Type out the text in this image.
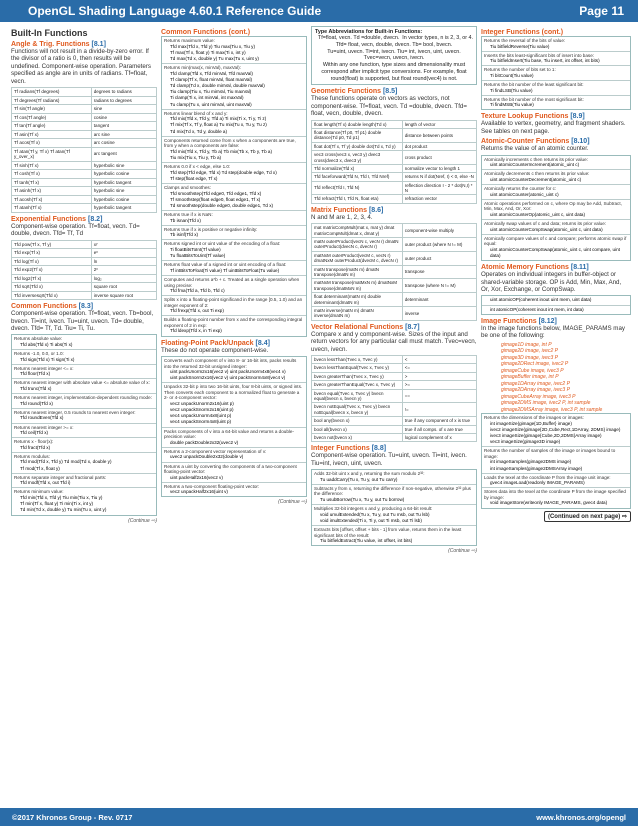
OpenGL Shading Language 4.60.1 Reference Guide	Page 11
Built-In Functions
Angle & Trig. Functions [8.1]
Functions will not result in a divide-by-zero error. If the divisor of a ratio is 0, then results will be undefined. Component-wise operation. Parameters specified as angle are in units of radians. Tf=float, vecn.
Tf radians(Tf degrees)	degrees to radians
Tf degrees(Tf radians)	radians to degrees
Tf sin(Tf angle)	sine
Tf cos(Tf angle)	cosine
Tf tan(Tf angle)	tangent
Tf asin(Tf x)	arc sine
Tf acos(Tf x)	arc cosine
Tf atan(Tf y, Tf x) Tf atan(Tf y_over_x)	arc tangent
Tf sinh(Tf x)	hyperbolic sine
Tf cosh(Tf x)	hyperbolic cosine
Tf tanh(Tf x)	hyperbolic tangent
Tf asinh(Tf x)	hyperbolic sine
Tf acosh(Tf x)	hyperbolic cosine
Tf atanh(Tf x)	hyperbolic tangent
Exponential Functions [8.2]
Component-wise operation. Tf=float, vecn. Td= double, dvecn. Tfd= Tf, Td
Tfd pow(Tf x, Tf y)	xʸ
Tfd exp(Tf x)	eˣ
Tfd log(Tf x)	ln
Tfd exp2(Tf x)	2ˣ
Tfd log2(Tf x)	log₂
Tfd sqrt(Tfd x)	square root
Tfd inversesqrt(Tfd x)	inverse square root
Common Functions [8.3]
Component-wise operation. Tf=float, vecn. Tb=bool, bvecn. Ti=int, ivecn. Tu=uint, uvecn. Td= double, dvecn. Tfd= Tf, Td. Tiu= Ti, Tu.
Returns absolute value:
Tfd abs(Tfd x) Ti abs(Ti x)
Returns -1.0, 0.0, or 1.0:
Tfd sign(Tfd x) Ti sign(Ti x)
Returns nearest integer <= x:
Tfd floor(Tfd x)
Returns nearest integer with absolute value <= absolute value of x:
Tfd trunc(Tfd x)
Returns nearest integer, implementation-dependent rounding mode:
Tfd round(Tfd x)
Returns nearest integer, 0.5 rounds to nearest even integer:
Tfd roundEven(Tfd x)
Returns nearest integer >= x:
Tfd ceil(Tfd x)
Returns x - floor(x):
Tfd fract(Tfd x)
Returns modulus:
Tfd mod(Tfd x, Tfd y) Td mod(Td x, double y)
Tf mod(Tf x, float y)
Returns separate integer and fractional parts:
Tfd modf(Tfd x, out Tfd i)
Returns minimum value:
Tfd min(Tfd x, Tfd y) Tiu min(Tiu x, Tiu y)
Tf min(Tf x, float y) Ti min(Ti x, int y)
Td min(Td x, double y) Tu min(Tu x, uint y)
(Continue ⇨)
Common Functions (cont.)
Returns maximum value:
Tfd max(Tfd x, Tfd y) Tiu max(Tiu x, Tiu y)
Tf max(Tf x, float y) Ti max(Ti x, int y)
Td max(Td x, double y) Tu max(Tu x, uint y)
Returns min(max(x, minVal), maxVal):
Tfd clamp(Tfd x, Tfd minVal, Tfd maxVal)
Tf clamp(Tf x, float minVal, float maxVal)
Td clamp(Td x, double minVal, double maxVal)
Tiu clamp(Tiu x, Tiu minVal, Tiu maxVal)
Ti clamp(Ti x, int minVal, int maxVal)
Tu clamp(Tu x, uint minVal, uint maxVal)
Returns linear blend of x and y:
Tfd mix(Tfd x, Tfd y, Tfd a) Ti mix(Ti x, Ti y, Ti z)
Tf mix(Tf x, Tf y, float a) Tu mix(Tu x, Tu y, Tu z)
Td mix(Td x, Td y, double a)
Components returned come from x when a components are true, from y when a components are false:
Tfd mix(Tfd x, Tfd y, Tb a) Tb mix(Tb x, Tb y, Tb a)
Tiu mix(Tiu x, Tiu y, Tb a)
Returns 0.0 if x < edge, else 1.0:
Tfd step(Tfd edge, Tfd x) Td step(double edge, Td x)
Tf step(float edge, Tf x)
Clamps and smoothes:
Tfd smoothstep(Tfd edge0, Tfd edge1, Tfd x)
Tf smoothstep(float edge0, float edge1, Tf x)
Td smoothstep(double edge0, double edge1, Td x)
Returns true if x is NaN:
Tb isnan(Tfd x)
Returns true if x is positive or negative infinity:
Tb isinf(Tfd x)
Returns signed int or uint value of the encoding of a float:
Ti floatBitsToInt(Tf value)
Tu floatBitsToUint(Tf value)
Returns float value of a signed int or uint encoding of a float:
Tf intBitsToFloat(Ti value) Tf uintBitsToFloat(Tu value)
Computes and returns a*b + c. Treated as a single operation when using precise:
Tfd fma(Tfd a, Tfd b, Tfd c)
Splits x into a floating-point significand in the range [0.5, 1.0) and an integer exponent of 2:
Tfd frexp(Tfd x, out Ti exp)
Builds a floating-point number from x and the corresponding integral exponent of 2 in exp:
Tfd ldexp(Tfd x, in Ti exp)
Floating-Point Pack/Unpack [8.4]
These do not operate component-wise.
Converts each component of v into 8- or 16-bit ints, packs results into the returned 32-bit unsigned integer:
uint packUnorm2x16(vec2 v) uint packUnorm4x8(vec4 v)
uint packSnorm2x16(vec2 v) uint packSnorm4x8(vec4 v)
Unpacks 32-bit p into two 16-bit uints, four 8-bit uints, or signed ints. Then converts each component to a normalized float to generate a 2- or 4-component vector:
vec2 unpackUnorm2x16(uint p)
vec2 unpackSnorm2x16(uint p)
vec4 unpackUnorm4x8(uint p)
vec4 unpackSnorm4x8(uint p)
Packs components of v into a 64-bit value and returns a double-precision value:
double packDouble2x32(uvec2 v)
Returns a 2-component vector representation of v:
uvec2 unpackDouble2x32(double v)
Returns a uint by converting the components of a two-component floating-point vector:
uint packHalf2x16(vec2 v)
Returns a two-component floating-point vector:
vec2 unpackHalf2x16(uint v)
(Continue ⇨)
Type Abbreviations for Built-in Functions:
In vector types, n is 2, 3, or 4.
Tf=float, vecn. Td =double, dvecn. Tfd= float, vecn, double, dvecn. Tb= bool, bvecn.
Tu=uint, uvecn. Ti=int, ivecn. Tiu= int, ivecn, uint, uvecn. Tvec=vecn, uvecn, ivecn.
Within any one function, type sizes and dimensionality must correspond after implicit type conversions. For example, float round(float) is supported, but float round(vec4) is not.
Geometric Functions [8.5]
These functions operate on vectors as vectors, not component-wise. Tf=float, vecn. Td =double, dvecn. Tfd= float, vecn, double, dvecn.
float length(Tf x) double length(Td x)	length of vector
float distance(Tf p0, Tf p1) double distance(Td p0, Td p1)	distance between points
float dot(Tf x, Tf y) double dot(Td x, Td y)	dot product
vec3 cross(vec3 x, vec3 y) dvec3 cross(dvec3 x, dvec3 y)	cross product
Tfd normalize(Tfd x)	normalize vector to length 1
Tfd faceforward(Tfd N, Tfd I, Tfd Nref)	returns N if dot(Nref, I) < 0, else -N
Tfd reflect(Tfd I, Tfd N)	reflection direction I - 2 * dot(N,I) * N
Tfd refract(Tfd I, Tfd N, float eta)	refraction vector
Matrix Functions [8.6]
N and M are 1, 2, 3, 4.
mat matrixCompMult(mat x, mat y) dmat matrixCompMult(dmat x, dmat y)	component-wise multiply
matN outerProduct(vecN c, vecN r) dmatN outerProduct(dvecN c, dvecN r)	outer product (where N != M)
matNxM outerProduct(vecM c, vecN r) dmatNxM outerProduct(dvecM c, dvecN r)	outer product
matN transpose(matN m) dmatN transpose(dmatN m)	transpose
matNxM transpose(matMxN m) dmatNxM transpose(dmatMxN m)	transpose (where N != M)
float determinant(matN m) double determinant(dmatN m)	determinant
matN inverse(matN m) dmatN inverse(dmatN m)	inverse
Vector Relational Functions [8.7]
Compare x and y component-wise. Sizes of the input and return vectors for any particular call must match. Tvec=vecn, uvecn, ivecn.
bvecn lessThan(Tvec x, Tvec y)	<
bvecn lessThanEqual(Tvec x, Tvec y)	<=
bvecn greaterThan(Tvec x, Tvec y)	>
bvecn greaterThanEqual(Tvec x, Tvec y)	>=
bvecn equal(Tvec x, Tvec y) bvecn equal(bvecn x, bvecn y)	==
bvecn notEqual(Tvec x, Tvec y) bvecn notEqual(bvecn x, bvecn y)	!=
bool any(bvecn x)	true if any component of x is true
bool all(bvecn x)	true if all comps. of x are true
bvecn not(bvecn x)	logical complement of x
Integer Functions [8.8]
Component-wise operation. Tu=uint, uvecn. Ti=int, ivecn. Tiu=int, ivecn, uint, uvecn.
Adds 32-bit uint x and y, returning the sum modulo 2³²:
Tu uaddCarry(Tu x, Tu y, out Tu carry)
Subtracts y from x, returning the difference if non-negative, otherwise 2³² plus the difference:
Tu usubBorrow(Tu x, Tu y, out Tu borrow)
Multiplies 32-bit integers x and y, producing a 64-bit result:
void umulExtended(Tu x, Tu y, out Tu msb, out Tu lsb)
void imulExtended(Ti x, Ti y, out Ti msb, out Ti lsb)
Extracts bits [offset, offset + bits - 1] from value, returns them in the least significant bits of the result:
Tiu bitfieldExtract(Tiu value, int offset, int bits)
(Continue ⇨)
Integer Functions (cont.)
Returns the reversal of the bits of value:
Tiu bitfieldReverse(Tiu value)
Inserts the bits least-significant bits of insert into base:
Tiu bitfieldInsert(Tiu base, Tiu insert, int offset, int bits)
Returns the number of bits set to 1:
Ti bitCount(Tiu value)
Returns the bit number of the least significant bit:
Ti findLSB(Tiu value)
Returns the bit number of the most significant bit:
Ti findMSB(Tiu value)
Texture Lookup Functions [8.9]
Available to vertex, geometry, and fragment shaders. See tables on next page.
Atomic-Counter Functions [8.10]
Returns the value of an atomic counter.
Atomically increments c then returns its prior value:
uint atomicCounterIncrement(atomic_uint c)
Atomically decrements c then returns its prior value:
uint atomicCounterDecrement(atomic_uint c)
Atomically returns the counter for c:
uint atomicCounter(atomic_uint c)
Atomic operations performed on c, where Op may be Add, Subtract, Min, Max, And, Or, Xor:
uint atomicCounterOp(atomic_uint c, uint data)
Atomically swap values of c and data; returns its prior value:
uint atomicCounterCompSwap(atomic_uint c, uint data)
Atomically compare values of c and compare; performs atomic swap if equal:
uint atomicCounterCompSwap(atomic_uint c, uint compare, uint data)
Atomic Memory Functions [8.11]
Operates on individual integers in buffer-object or shared-variable storage. OP is Add, Min, Max, And, Or, Xor, Exchange, or CompSwap.
uint atomicOP(coherent inout uint mem, uint data)
int atomicOP(coherent inout int mem, int data)
Image Functions [8.12]
In the image functions below, IMAGE_PARAMS may be one of the following:
gimage1D image, int P
gimage2D image, ivec2 P
gimage3D image, ivec3 P
gimage2DRect image, ivec2 P
gimageCube image, ivec3 P
gimageBuffer image, int P
gimage1DArray image, ivec2 P
gimage2DArray image, ivec3 P
gimageCubeArray image, ivec3 P
gimage2DMS image, ivec2 P, int sample
gimage2DMSArray image, ivec3 P, int sample
Returns the dimensions of the images or images:
int imageSize(gimage{1D,Buffer} image)
ivec2 imageSize(gimage{2D,Cube,Rect,1DArray, 2DMS} image)
ivec3 imageSize(gimage{Cube,2D,2DMS}Array image)
vec3 imageSize(gimage3D image)
Returns the number of samples of the image or images bound to image:
int imageSamples(gimage2DMS image)
int imageSamples(gimage2DMSArray image)
Loads the texel at the coordinate P from the image unit image:
gvec4 imageLoad(readonly IMAGE_PARAMS)
Stores data into the texel at the coordinate P from the image specified by image:
void imageStore(writeonly IMAGE_PARAMS, gvec4 data)
(Continued on next page) ⇨
©2017 Khronos Group - Rev. 0717	www.khronos.org/opengl
